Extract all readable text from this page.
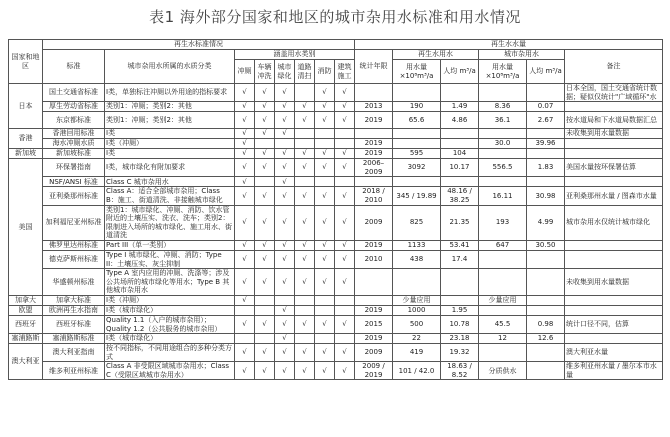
表1 海外部分国家和地区的城市杂用水标准和用水情况
国家和地区	再生水标准情况								再生水水量					
	标准	城市杂用水所属的水质分类	涵盖用水类别						统计年限	再生水用水		城市杂用水		备注
			冲厕	车辆冲洗	城市绿化	道路清扫	消防	建筑施工		用水量 ×10⁸m³/a	人均 m³/a	用水量 ×10⁸m³/a	人均 m³/a	
日本	国土交通省标准	I类，单独标注冲厕以外用途的指标要求	√	√	√		√	√						日本全国，国土交通省统计数据；疑似仅统计"广域循环"水
	厚生劳动省标准	类别1：冲厕；类别2：其他	√	√	√	√	√	√	2013	190	1.49	8.36	0.07	
	东京都标准	类别1：冲厕；类别2：其他	√	√	√	√	√	√	2019	65.6	4.86	36.1	2.67	按水道局和下水道局数据汇总
香港	香港回用标准	I类	√	√	√									未收集到用水量数据
	海水冲厕水质	I类（冲厕）	√						2019			30.0	39.96	
新加坡	新加坡标准	I类	√	√	√	√	√	√	2019	595	104			
美国	环保署指南	I类，城市绿化有附加要求	√	√	√	√	√	√	2006–2009	3092	10.17	556.5	1.83	美国水量按环保署估算
	NSF/ANSI 标准	Class C 城市杂用水	√		√									
	亚利桑那州标准	Class A：适合全部城市杂用；Class B：施工、街道清洗、非接触城市绿化	√	√	√	√	√	√	2018 / 2010	345 / 19.89	48.16 / 38.25	16.11	30.98	亚利桑那州水量 / 图森市水量
	加利福尼亚州标准	类别1：城市绿化、冲厕、消防、饮水管附近的土壤压实、洗衣、洗车；类别2：限制进入场所的城市绿化、施工用水、街道清洗	√	√	√	√	√	√	2009	825	21.35	193	4.99	城市杂用水仅统计城市绿化
	佛罗里达州标准	Part III（单一类别）	√	√	√	√	√	√	2019	1133	53.41	647	30.50	
	德克萨斯州标准	Type I 城市绿化、冲厕、消防；Type II：土壤压实、灰尘抑制	√	√	√	√	√	√	2010	438	17.4			
	华盛顿州标准	Type A 室内应用的冲厕、洗涤等；涉及公共场所的城市绿化等用水；Type B 其他城市杂用水	√	√	√	√	√	√						未收集到用水量数据
加拿大	加拿大标准	I类（冲厕）	√							少量应用		少量应用		
欧盟	欧洲再生水指南	I类（城市绿化）			√				2019	1000	1.95			
西班牙	西班牙标准	Quality 1.1（入户的城市杂用）；Quality 1.2（公共服务的城市杂用）	√	√	√	√	√	√	2015	500	10.78	45.5	0.98	统计口径不同，估算
塞浦路斯	塞浦路斯标准	I类（城市绿化）			√				2019	22	23.18	12	12.6	
澳大利亚	澳大利亚指南	按不同指标，不同用途组合的多种分类方式	√	√	√	√	√	√	2009	419	19.32			澳大利亚水量
	维多利亚州标准	Class A 非受限区域城市杂用水；Class C（受限区域城市杂用水）	√	√	√	√	√	√	2009 / 2019	101 / 42.0	18.63 / 8.52	分质供水		维多利亚州水量 / 墨尔本市水量
